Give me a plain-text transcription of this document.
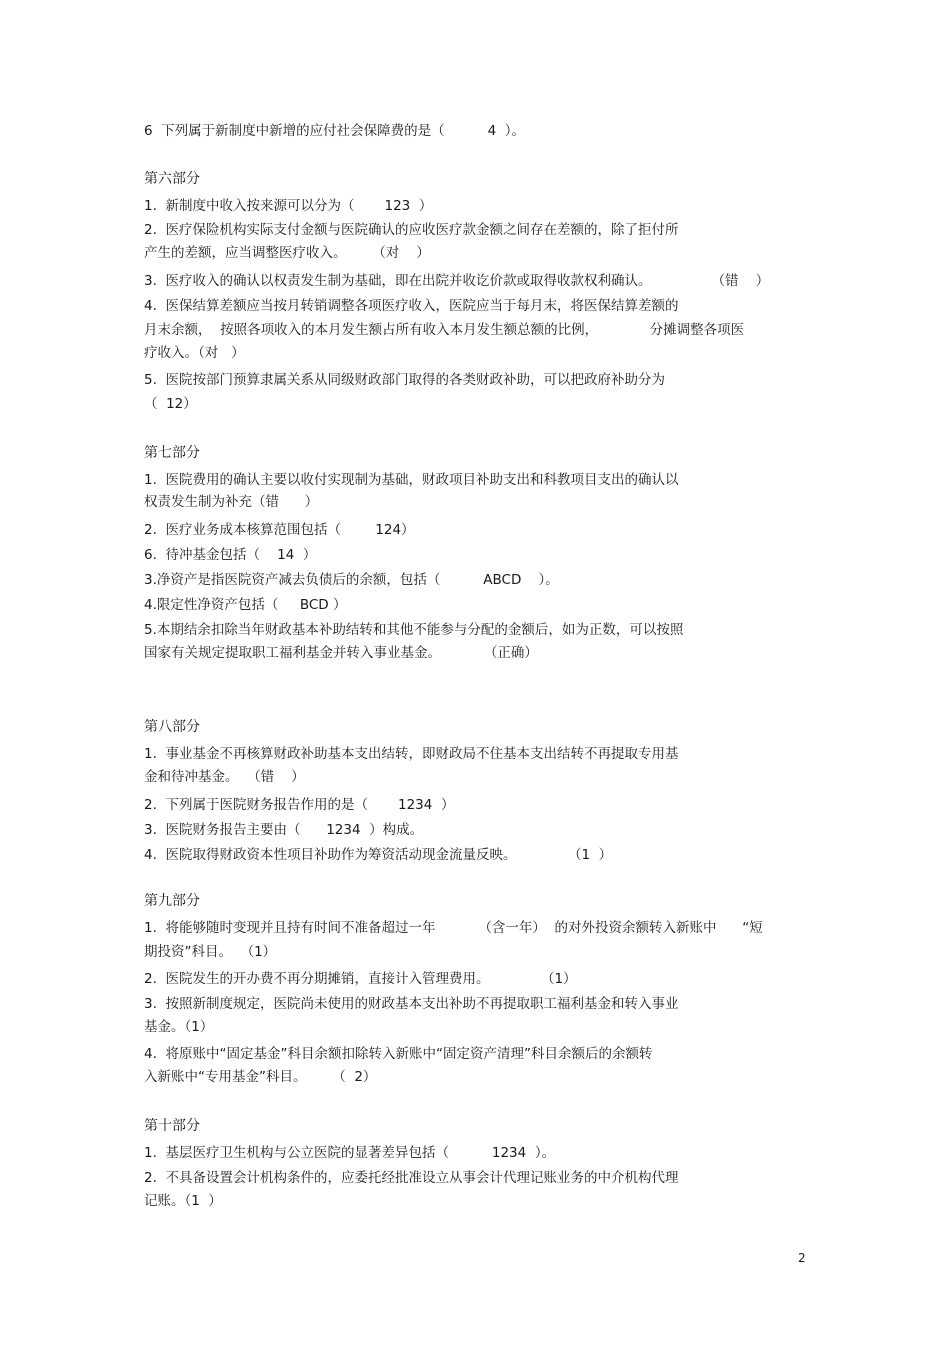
6  下列属于新制度中新增的应付社会保障费的是（          4  ）。

第六部分

1.  新制度中收入按来源可以分为（       123  ）

2.  医疗保险机构实际支付金额与医院确认的应收医疗款金额之间存在差额的，除了拒付所

产生的差额，应当调整医疗收入。      （对    ）

3.  医疗收入的确认以权责发生制为基础，即在出院并收讫价款或取得收款权利确认。              （错    ）

4.  医保结算差额应当按月转销调整各项医疗收入，医院应当于每月末，将医保结算差额的

月末余额，  按照各项收入的本月发生额占所有收入本月发生额总额的比例，            分摊调整各项医

疗收入。（对   ）

5.  医院按部门预算隶属关系从同级财政部门取得的各类财政补助，可以把政府补助分为

（  12）

第七部分

1.  医院费用的确认主要以收付实现制为基础，财政项目补助支出和科教项目支出的确认以

权责发生制为补充（错      ）

2.  医疗业务成本核算范围包括（        124）

6.  待冲基金包括（    14  ）

3.净资产是指医院资产减去负债后的余额，包括（          ABCD    ）。

4.限定性净资产包括（     BCD ）

5.本期结余扣除当年财政基本补助结转和其他不能参与分配的金额后，如为正数，可以按照

国家有关规定提取职工福利基金并转入事业基金。          （正确）

第八部分

1.  事业基金不再核算财政补助基本支出结转，即财政局不住基本支出结转不再提取专用基

金和待冲基金。  （错    ）

2.  下列属于医院财务报告作用的是（       1234  ）

3.  医院财务报告主要由（      1234  ）构成。

4.  医院取得财政资本性项目补助作为筹资活动现金流量反映。            （1  ）

第九部分

1.  将能够随时变现并且持有时间不准备超过一年          （含一年）  的对外投资余额转入新账中      “短

期投资”科目。  （1）

2.  医院发生的开办费不再分期摊销，直接计入管理费用。            （1）

3.  按照新制度规定，医院尚未使用的财政基本支出补助不再提取职工福利基金和转入事业

基金。（1）

4.  将原账中“固定基金”科目余额扣除转入新账中“固定资产清理”科目余额后的余额转

入新账中“专用基金”科目。      （  2）

第十部分

1.  基层医疗卫生机构与公立医院的显著差异包括（          1234  ）。

2.  不具备设置会计机构条件的，应委托经批准设立从事会计代理记账业务的中介机构代理

记账。（1  ）

2
